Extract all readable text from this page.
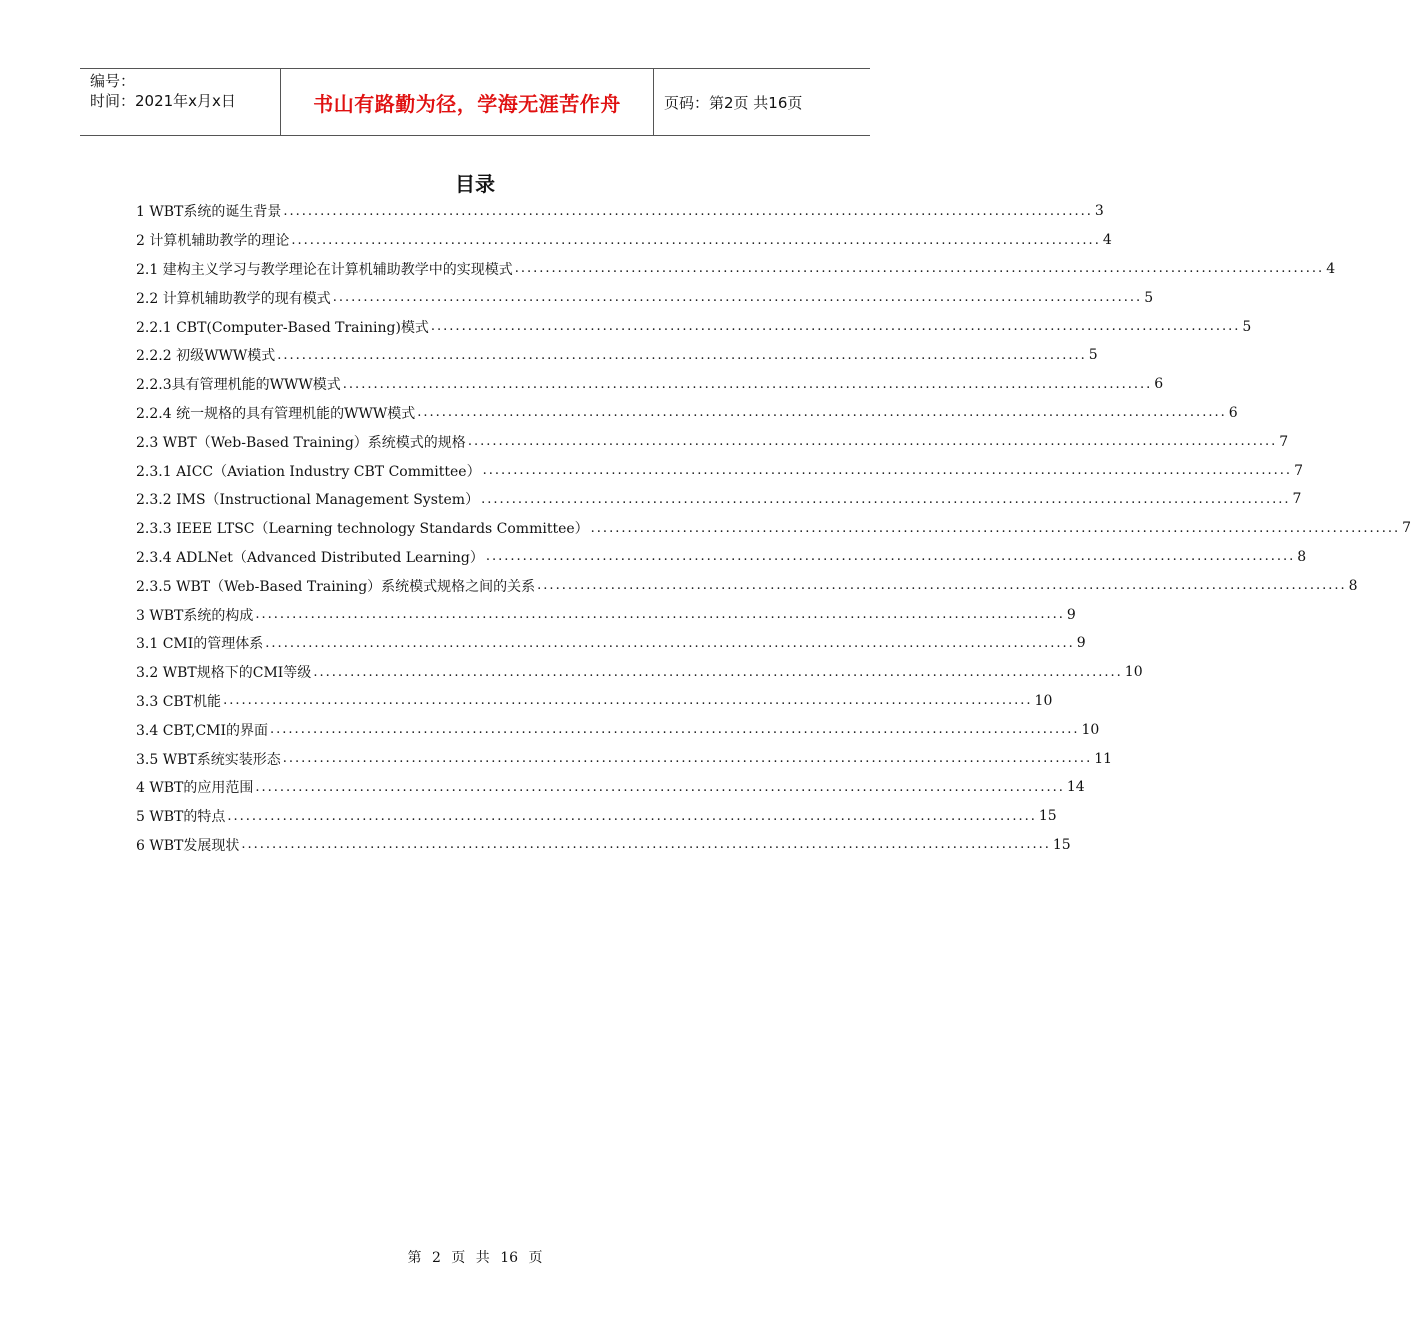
编号：
时间：2021年x月x日	书山有路勤为径，学海无涯苦作舟	页码：第2页 共16页
目录
1 WBT系统的诞生背景 .................................................................................................................................... 3
2 计算机辅助教学的理论 .................................................................................................................................... 4
2.1 建构主义学习与教学理论在计算机辅助教学中的实现模式 .................................................................................................................................... 4
2.2 计算机辅助教学的现有模式 .................................................................................................................................... 5
2.2.1 CBT(Computer-Based Training)模式 .................................................................................................................................... 5
2.2.2 初级WWW模式 .................................................................................................................................... 5
2.2.3具有管理机能的WWW模式 .................................................................................................................................... 6
2.2.4 统一规格的具有管理机能的WWW模式 .................................................................................................................................... 6
2.3 WBT（Web-Based Training）系统模式的规格 .................................................................................................................................... 7
2.3.1 AICC（Aviation Industry CBT Committee） .................................................................................................................................... 7
2.3.2 IMS（Instructional Management System） .................................................................................................................................... 7
2.3.3 IEEE LTSC（Learning technology Standards Committee） .................................................................................................................................... 7
2.3.4 ADLNet（Advanced Distributed Learning） .................................................................................................................................... 8
2.3.5 WBT（Web-Based Training）系统模式规格之间的关系 .................................................................................................................................... 8
3 WBT系统的构成 .................................................................................................................................... 9
3.1 CMI的管理体系 .................................................................................................................................... 9
3.2 WBT规格下的CMI等级 .................................................................................................................................... 10
3.3 CBT机能 .................................................................................................................................... 10
3.4 CBT,CMI的界面 .................................................................................................................................... 10
3.5 WBT系统实装形态 .................................................................................................................................... 11
4 WBT的应用范围 .................................................................................................................................... 14
5 WBT的特点 .................................................................................................................................... 15
6 WBT发展现状 .................................................................................................................................... 15
第 2 页 共 16 页
